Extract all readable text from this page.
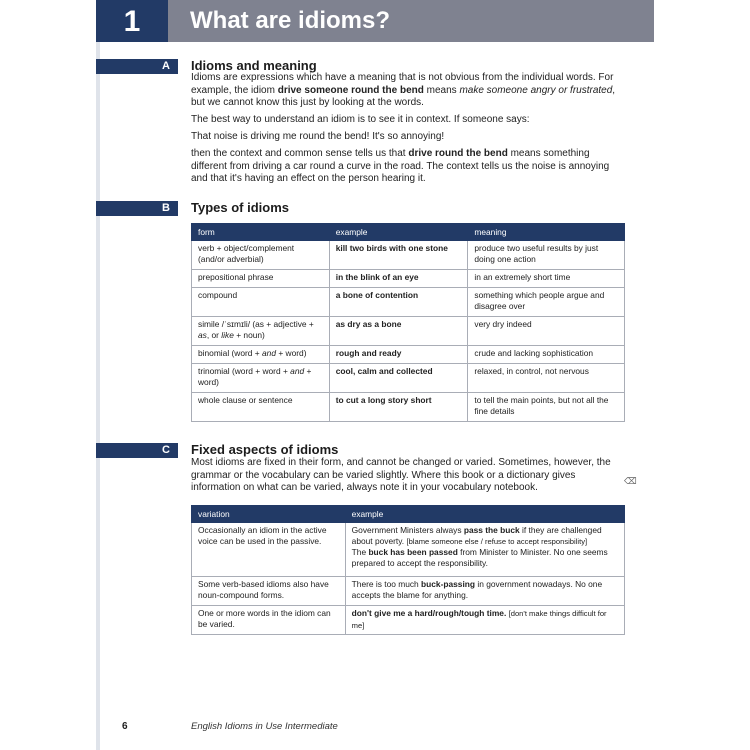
1	What are idioms?
A	Idioms and meaning
Idioms are expressions which have a meaning that is not obvious from the individual words. For example, the idiom drive someone round the bend means make someone angry or frustrated, but we cannot know this just by looking at the words.
The best way to understand an idiom is to see it in context. If someone says:
That noise is driving me round the bend! It's so annoying!
then the context and common sense tells us that drive round the bend means something different from driving a car round a curve in the road. The context tells us the noise is annoying and that it's having an effect on the person hearing it.
B	Types of idioms
form	example	meaning
verb + object/complement (and/or adverbial)	kill two birds with one stone	produce two useful results by just doing one action
prepositional phrase	in the blink of an eye	in an extremely short time
compound	a bone of contention	something which people argue and disagree over
simile /ˈsɪmɪli/ (as + adjective + as, or like + noun)	as dry as a bone	very dry indeed
binomial (word + and + word)	rough and ready	crude and lacking sophistication
trinomial (word + word + and + word)	cool, calm and collected	relaxed, in control, not nervous
whole clause or sentence	to cut a long story short	to tell the main points, but not all the fine details
C	Fixed aspects of idioms
Most idioms are fixed in their form, and cannot be changed or varied. Sometimes, however, the grammar or the vocabulary can be varied slightly. Where this book or a dictionary gives information on what can be varied, always note it in your vocabulary notebook.
⌫
variation	example
Occasionally an idiom in the active voice can be used in the passive.	Government Ministers always pass the buck if they are challenged about poverty. [blame someone else / refuse to accept responsibility]
The buck has been passed from Minister to Minister. No one seems prepared to accept the responsibility.
Some verb-based idioms also have noun-compound forms.	There is too much buck-passing in government nowadays. No one accepts the blame for anything.
One or more words in the idiom can be varied.	don't give me a hard/rough/tough time. [don't make things difficult for me]
6	English Idioms in Use Intermediate
